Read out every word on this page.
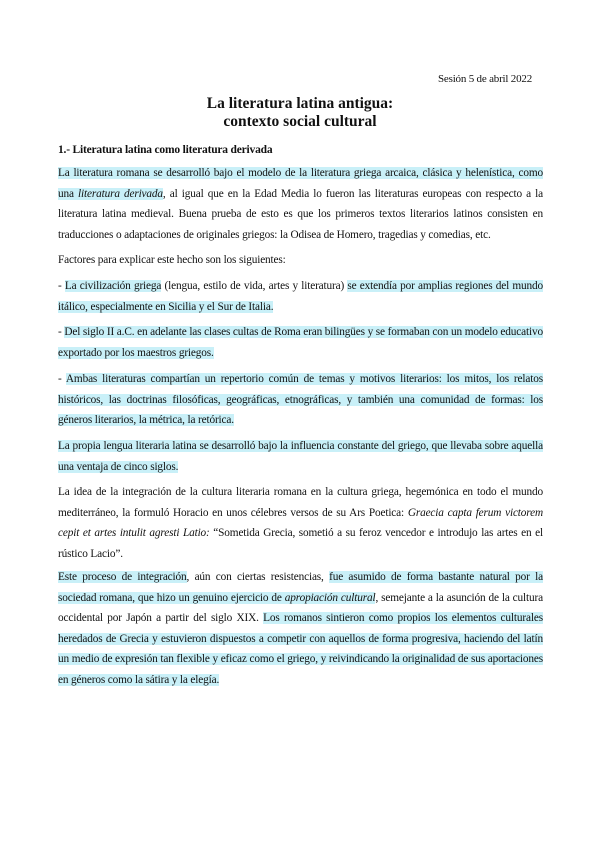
Sesión 5 de abril 2022
La literatura latina antigua:
contexto social cultural
1.- Literatura latina como literatura derivada

La literatura romana se desarrolló bajo el modelo de la literatura griega arcaica, clásica y helenística, como una literatura derivada, al igual que en la Edad Media lo fueron las literaturas europeas con respecto a la literatura latina medieval. Buena prueba de esto es que los primeros textos literarios latinos consisten en traducciones o adaptaciones de originales griegos: la Odisea de Homero, tragedias y comedias, etc.

Factores para explicar este hecho son los siguientes:

- La civilización griega (lengua, estilo de vida, artes y literatura) se extendía por amplias regiones del mundo itálico, especialmente en Sicilia y el Sur de Italia.

- Del siglo II a.C. en adelante las clases cultas de Roma eran bilingües y se formaban con un modelo educativo exportado por los maestros griegos.

- Ambas literaturas compartían un repertorio común de temas y motivos literarios: los mitos, los relatos históricos, las doctrinas filosóficas, geográficas, etnográficas, y también una comunidad de formas: los géneros literarios, la métrica, la retórica.

La propia lengua literaria latina se desarrolló bajo la influencia constante del griego, que llevaba sobre aquella una ventaja de cinco siglos.

La idea de la integración de la cultura literaria romana en la cultura griega, hegemónica en todo el mundo mediterráneo, la formuló Horacio en unos célebres versos de su Ars Poetica: Graecia capta ferum victorem cepit et artes intulit agresti Latio: “Sometida Grecia, sometió a su feroz vencedor e introdujo las artes en el rústico Lacio”.

Este proceso de integración, aún con ciertas resistencias, fue asumido de forma bastante natural por la sociedad romana, que hizo un genuino ejercicio de apropiación cultural, semejante a la asunción de la cultura occidental por Japón a partir del siglo XIX. Los romanos sintieron como propios los elementos culturales heredados de Grecia y estuvieron dispuestos a competir con aquellos de forma progresiva, haciendo del latín un medio de expresión tan flexible y eficaz como el griego, y reivindicando la originalidad de sus aportaciones en géneros como la sátira y la elegía.
